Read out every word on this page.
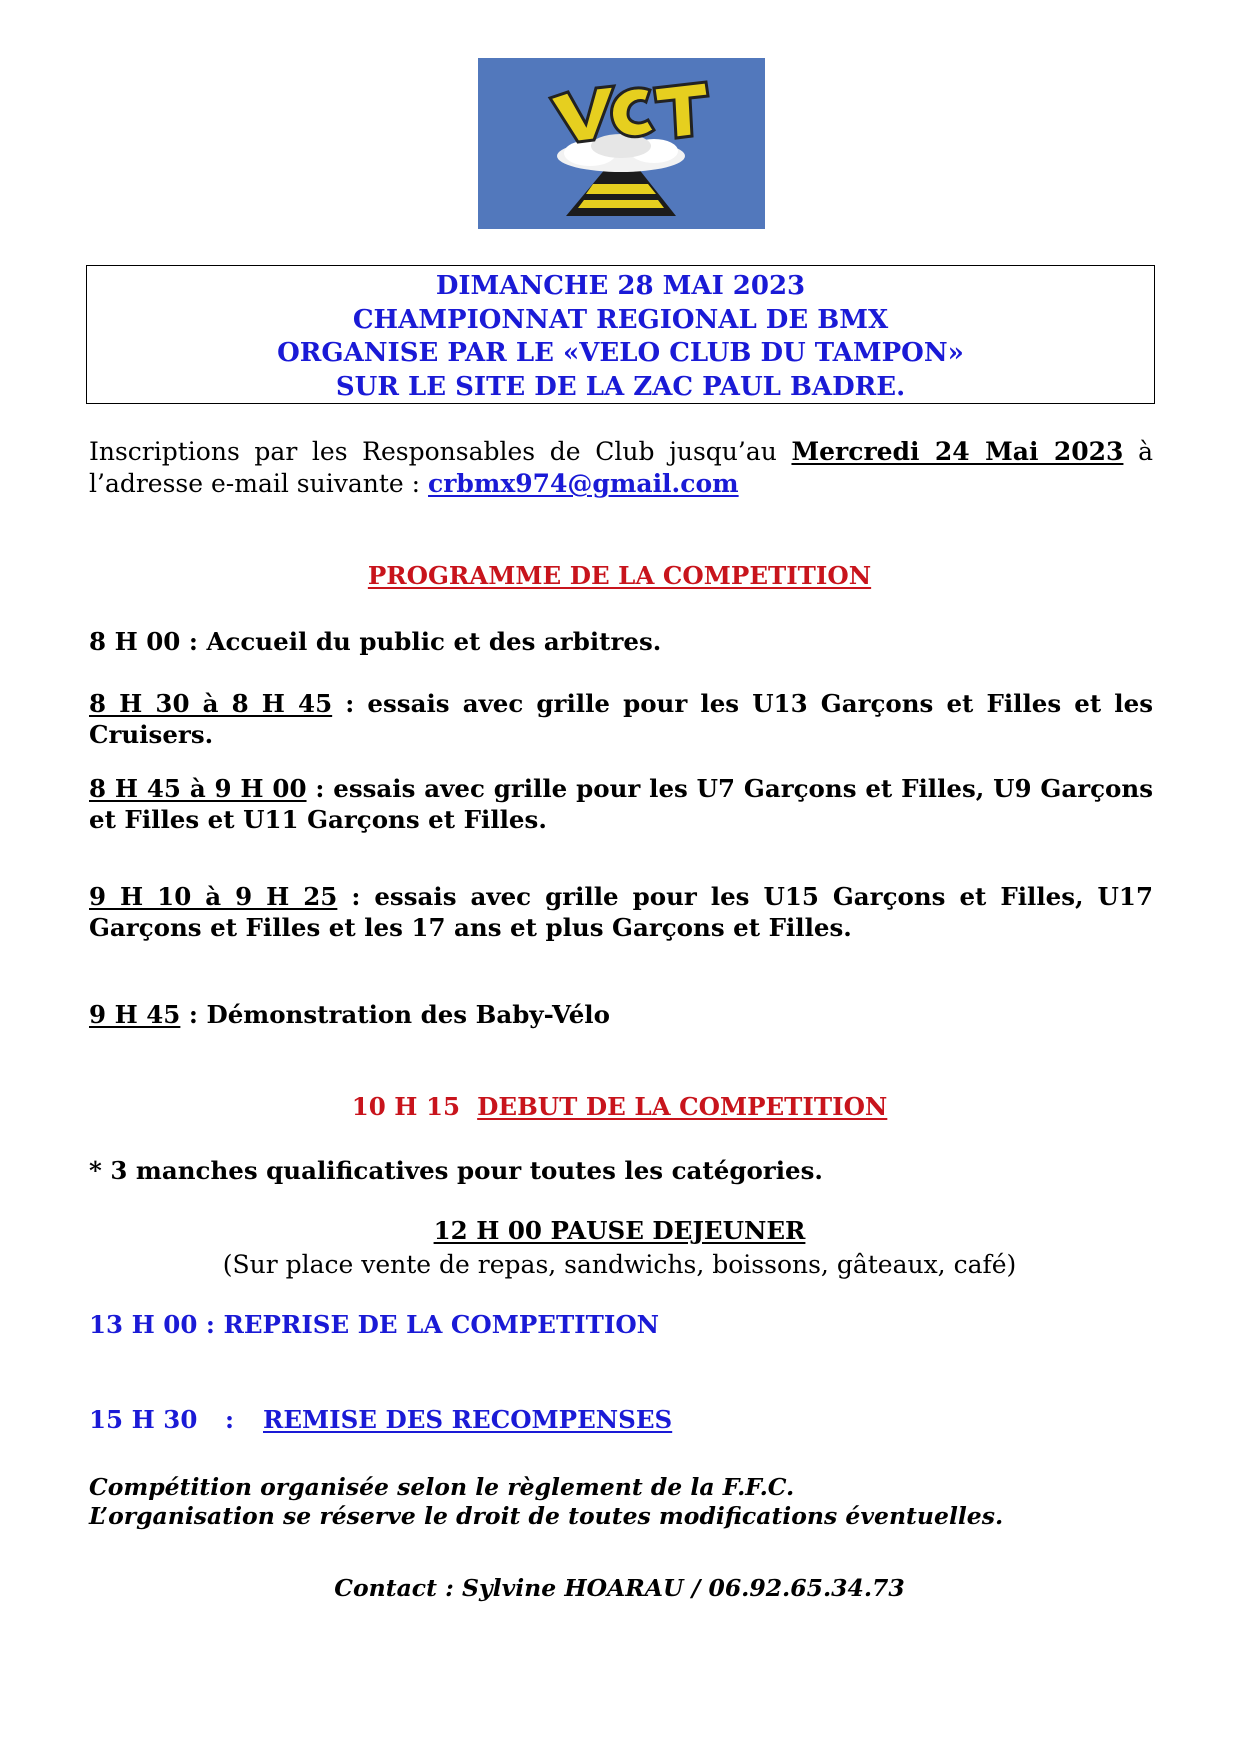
DIMANCHE 28 MAI 2023
CHAMPIONNAT REGIONAL DE BMX
ORGANISE PAR LE «VELO CLUB DU TAMPON»
SUR LE SITE DE LA ZAC PAUL BADRE.
Inscriptions par les Responsables de Club jusqu’au Mercredi 24 Mai 2023 à l’adresse e-mail suivante : crbmx974@gmail.com
PROGRAMME DE LA COMPETITION
8 H 00 : Accueil du public et des arbitres.
8 H 30 à 8 H 45 : essais avec grille pour les U13 Garçons et Filles et les Cruisers.
8 H 45 à 9 H 00 : essais avec grille pour les U7 Garçons et Filles, U9 Garçons et Filles et U11 Garçons et Filles.
9 H 10 à 9 H 25 : essais avec grille pour les U15 Garçons et Filles, U17 Garçons et Filles et les 17 ans et plus Garçons et Filles.
9 H 45 : Démonstration des Baby-Vélo
10 H 15 DEBUT DE LA COMPETITION
* 3 manches qualificatives pour toutes les catégories.
12 H 00 PAUSE DEJEUNER
(Sur place vente de repas, sandwichs, boissons, gâteaux, café)
13 H 00 : REPRISE DE LA COMPETITION
15 H 30 : REMISE DES RECOMPENSES
Compétition organisée selon le règlement de la F.F.C.
L’organisation se réserve le droit de toutes modifications éventuelles.
Contact : Sylvine HOARAU / 06.92.65.34.73
